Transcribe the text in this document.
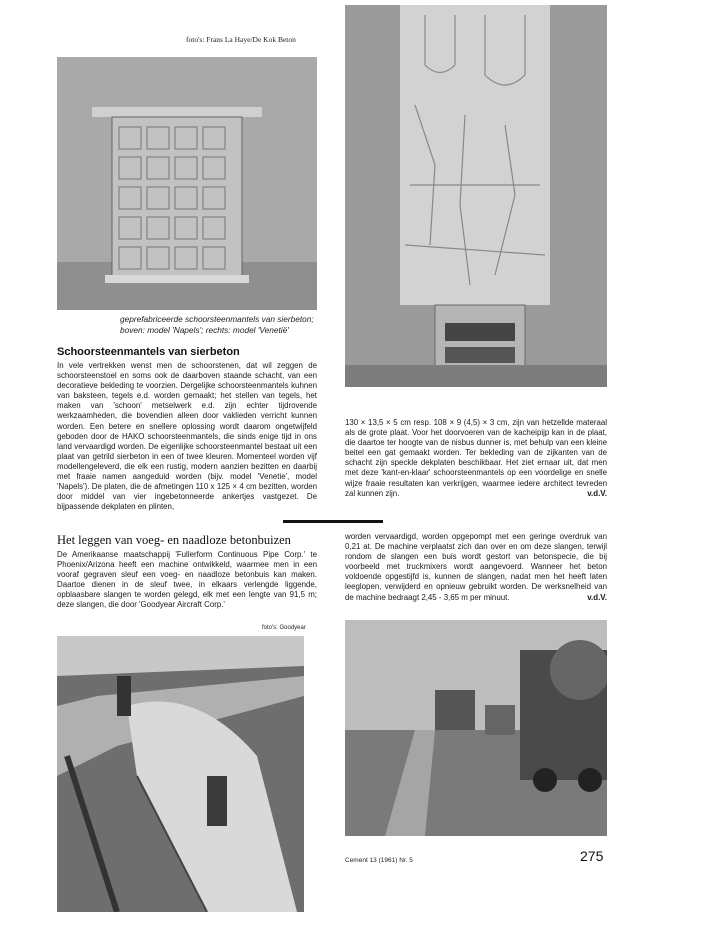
foto's: Frans La Haye/De Kok Beton
geprefabriceerde schoorsteenmantels van sierbeton;
boven: model 'Napels'; rechts: model 'Venetië'
Schoorsteenmantels van sierbeton
In vele vertrekken wenst men de schoorstenen, dat wil zeggen de schoorsteenstoel en soms ook de daarboven staande schacht, van een decoratieve bekleding te voorzien. Dergelijke schoorsteenmantels kuhnen van baksteen, tegels e.d. worden gemaakt; het stellen van tegels, het maken van 'schoon' metselwerk e.d. zijn echter tijdrovende werkzaamheden, die bovendien alleen door vaklieden verricht kunnen worden. Een betere en snellere oplossing wordt daarom ongetwijfeld geboden door de HAKO schoorsteenmantels, die sinds enige tijd in ons land vervaardigd worden. De eigenlijke schoorsteenmantel bestaat uit een plaat van getrild sierbeton in een of twee kleuren. Momenteel worden vijf modellengeleverd, die elk een rustig, modern aanzien bezitten en daarbij met fraaie namen aangeduid worden (bijv. model 'Venetie', model 'Napels'). De platen, die de afmetingen 110 x 125 × 4 cm bezitten, worden door middel van vier ingebetonneerde ankertjes vastgezet. De bijpassende dekplaten en plinten,
130 × 13,5 × 5 cm resp. 108 × 9 (4,5) × 3 cm, zijn van hetzellde materaal als de grote plaat. Voor het doorvoeren van de kacheipijp kan in de plaat, die daartoe ter hoogte van de nisbus dunner is, met behulp van een kleine beitel een gat gemaakt worden. Ter bekleding van de zijkanten van de schacht zijn speckle dekplaten beschikbaar. Het ziet ernaar uit, dat men met deze 'kant-en-klaar' schoorsteenmantels op een voordelige en snelle wijze fraaie resultaten kan verkrijgen, waarmee iedere architect tevreden zal kunnen zijn.	v.d.V.
Het leggen van voeg- en naadloze betonbuizen
De Amerikaanse maatschappij 'Fullerform Continuous Pipe Corp.' te Phoenix/Arizona heeft een machine ontwikkeld, waarmee men in een vooraf gegraven sleuf een voeg- en naadloze betonbuis kan maken. Daartoe dienen in de sleuf twee, in elkaars verlengde liggende, opblaasbare slangen te worden gelegd, elk met een lengte van 91,5 m; deze slangen, die door 'Goodyear Aircraft Corp.'
worden vervaardigd, worden opgepompt met een geringe overdruk van 0,21 at. De machine verplaatst zich dan over en om deze slangen, terwijl rondom de slangen een buis wordt gestort van betonspecie, die bij voorbeeld met truckmixers wordt aangevoerd. Wanneer het beton voldoende opgestijfd is, kunnen de slangen, nadat men het heeft laten leeglopen, verwijderd en opnieuw gebruikt worden. De werksnelheid van de machine bedraagt 2,45 - 3,65 m per minuut.	v.d.V.
foto's: Goodyear
Cement 13 (1961) Nr. 5	275
